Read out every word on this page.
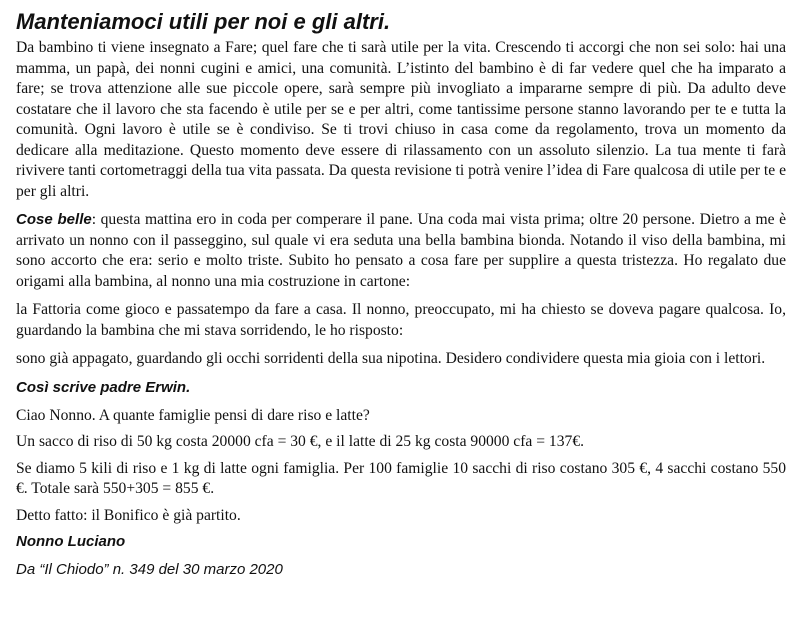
Manteniamoci utili per noi e gli altri.

Da bambino ti viene insegnato a Fare; quel fare che ti sarà utile per la vita. Crescendo ti accorgi che non sei solo: hai una mamma, un papà, dei nonni cugini e amici, una comunità. L’istinto del bambino è di far vedere quel che ha imparato a fare; se trova attenzione alle sue piccole opere, sarà sempre più invogliato a impararne sempre di più. Da adulto deve costatare che il lavoro che sta facendo è utile per se e per altri, come tantissime persone stanno lavorando per te e tutta la comunità. Ogni lavoro è utile se è condiviso. Se ti trovi chiuso in casa come da regolamento, trova un momento da dedicare alla meditazione. Questo momento deve essere di rilassamento con un assoluto silenzio. La tua mente ti farà rivivere tanti cortometraggi della tua vita passata. Da questa revisione ti potrà venire l’idea di Fare qualcosa di utile per te e per gli altri.

Cose belle: questa mattina ero in coda per comperare il pane. Una coda mai vista prima; oltre 20 persone. Dietro a me è arrivato un nonno con il passeggino, sul quale vi era seduta una bella bambina bionda. Notando il viso della bambina, mi sono accorto che era: serio e molto triste. Subito ho pensato a cosa fare per supplire a questa tristezza. Ho regalato due origami alla bambina, al nonno una mia costruzione in cartone:

la Fattoria come gioco e passatempo da fare a casa. Il nonno, preoccupato, mi ha chiesto se doveva pagare qualcosa. Io, guardando la bambina che mi stava sorridendo, le ho risposto:

sono già appagato, guardando gli occhi sorridenti della sua nipotina. Desidero condividere questa mia gioia con i lettori.

Così scrive padre Erwin.

Ciao Nonno. A quante famiglie pensi di dare riso e latte?

Un sacco di riso di 50 kg costa 20000 cfa = 30 €, e il latte di 25 kg costa 90000 cfa = 137€.

Se diamo 5 kili di riso e 1 kg di latte ogni famiglia. Per 100 famiglie 10 sacchi di riso costano 305 €, 4 sacchi costano 550 €. Totale sarà 550+305 = 855 €.

Detto fatto: il Bonifico è già partito.

Nonno Luciano
Da “Il Chiodo” n. 349 del 30 marzo 2020
